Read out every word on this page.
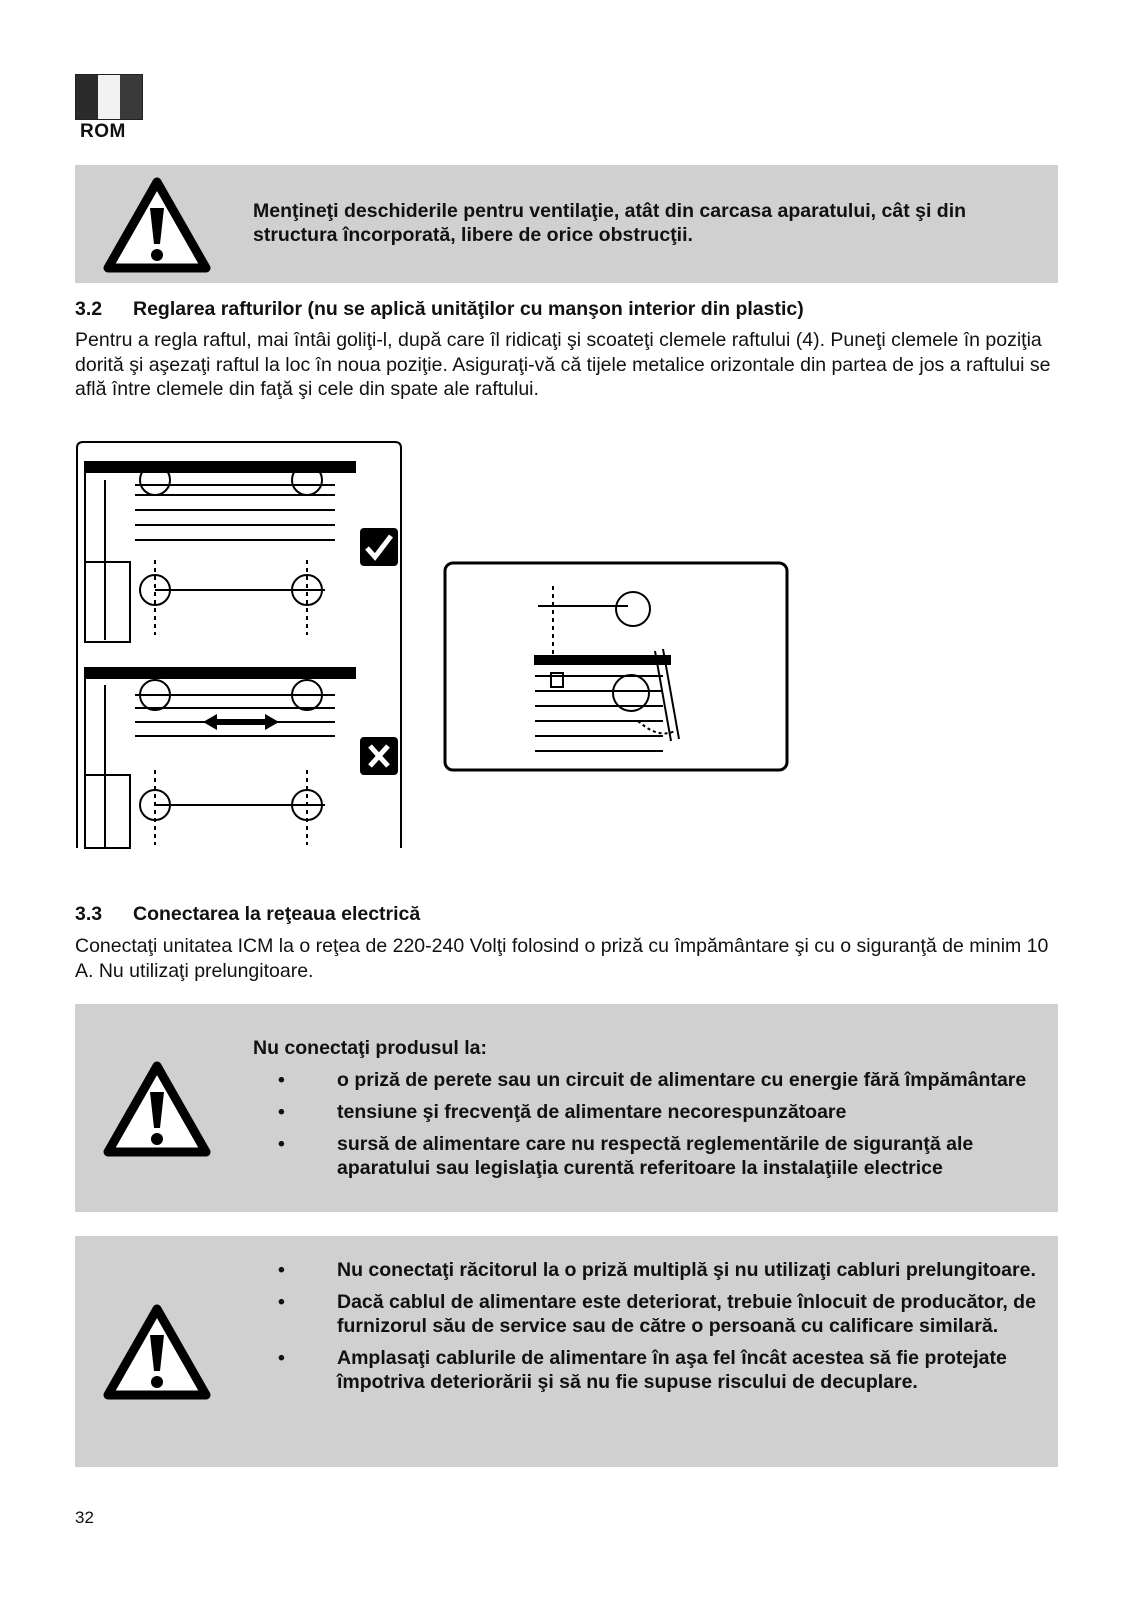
ROM
Menţineţi deschiderile pentru ventilaţie, atât din carcasa aparatului, cât şi din structura încorporată, libere de orice obstrucţii.
3.2 Reglarea rafturilor (nu se aplică unităţilor cu manşon interior din plastic)
Pentru a regla raftul, mai întâi goliţi-l, după care îl ridicaţi şi scoateţi clemele raftului (4). Puneţi clemele în poziţia dorită şi aşezaţi raftul la loc în noua poziţie. Asiguraţi-vă că tijele metalice orizontale din partea de jos a raftului se află între clemele din faţă şi cele din spate ale raftului.
3.3 Conectarea la reţeaua electrică
Conectaţi unitatea ICM la o reţea de 220-240 Volţi folosind o priză cu împământare şi cu o siguranţă de minim 10 A. Nu utilizaţi prelungitoare.
Nu conectaţi produsul la:
• o priză de perete sau un circuit de alimentare cu energie fără împământare
• tensiune şi frecvenţă de alimentare necorespunzătoare
• sursă de alimentare care nu respectă reglementările de siguranţă ale aparatului sau legislaţia curentă referitoare la instalaţiile electrice
• Nu conectaţi răcitorul la o priză multiplă şi nu utilizaţi cabluri prelungitoare.
• Dacă cablul de alimentare este deteriorat, trebuie înlocuit de producător, de furnizorul său de service sau de către o persoană cu calificare similară.
• Amplasaţi cablurile de alimentare în aşa fel încât acestea să fie protejate împotriva deteriorării şi să nu fie supuse riscului de decuplare.
32
